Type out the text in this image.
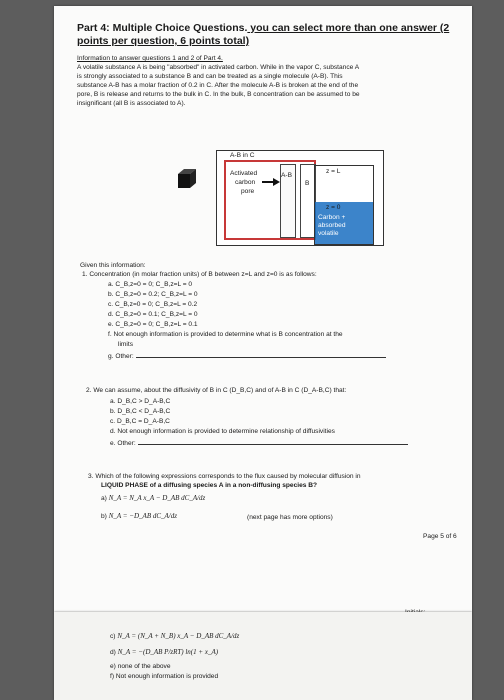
Part 4: Multiple Choice Questions. you can select more than one answer (2
points per question, 6 points total)
Information to answer questions 1 and 2 of Part 4.
A volatile substance A is being "absorbed" in activated carbon. While in the vapor C, substance A
is strongly associated to a substance B and can be treated as a single molecule (A-B). This
substance A-B has a molar fraction of 0.2 in C. After the molecule A-B is broken at the end of the
pore, B is release and returns to the bulk in C. In the bulk, B concentration can be assumed to be
insignificant (all B is associated to A).
A-B in C
Activated
carbon
pore
A-B
B
z = L
z = 0
Carbon +
absorbed
volatile
Given this information:
1. Concentration (in molar fraction units) of B between z=L and z=0 is as follows:
a. C_B,z=0 = 0; C_B,z=L = 0
b. C_B,z=0 = 0.2; C_B,z=L = 0
c. C_B,z=0 = 0; C_B,z=L = 0.2
d. C_B,z=0 = 0.1; C_B,z=L = 0
e. C_B,z=0 = 0; C_B,z=L = 0.1
f. Not enough information is provided to determine what is B concentration at the
limits
g. Other:
2. We can assume, about the diffusivity of B in C (D_B,C) and of A-B in C (D_A-B,C) that:
a. D_B,C > D_A-B,C
b. D_B,C < D_A-B,C
c. D_B,C = D_A-B,C
d. Not enough information is provided to determine relationship of diffusivities
e. Other:
3. Which of the following expressions corresponds to the flux caused by molecular diffusion in
LIQUID PHASE of a diffusing species A in a non-diffusing species B?
a) N_A = N_A x_A − D_AB dC_A/dz
b) N_A = −D_AB dC_A/dz	(next page has more options)
Page 5 of 6
c) N_A = (N_A + N_B) x_A − D_AB dC_A/dz
d) N_A = −(D_AB P/zRT) ln(1 + x_A)
e) none of the above
f) Not enough information is provided
